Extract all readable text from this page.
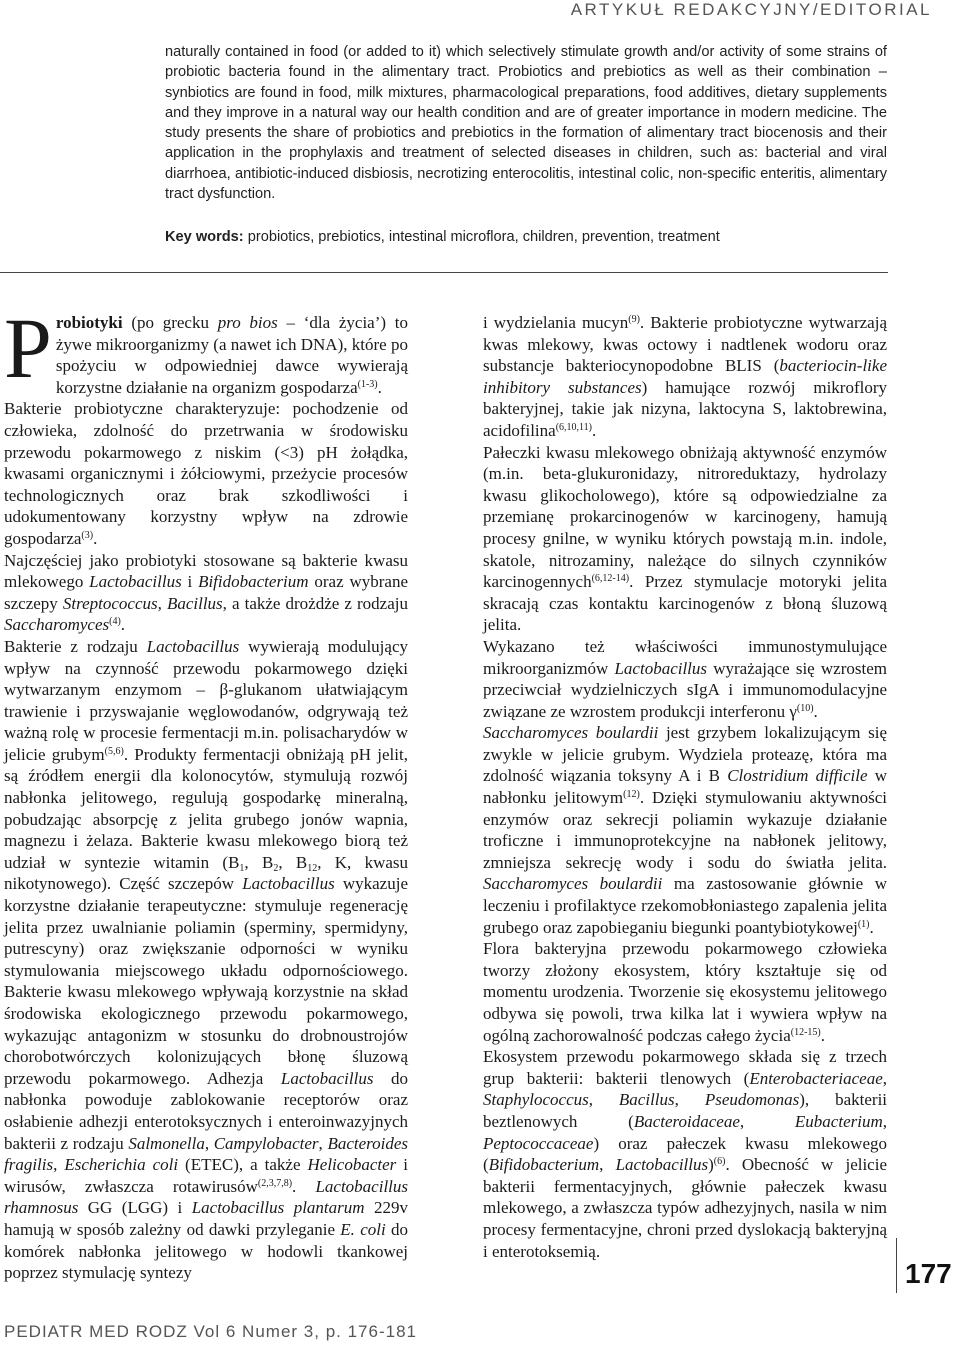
ARTYKUŁ REDAKCYJNY/EDITORIAL
naturally contained in food (or added to it) which selectively stimulate growth and/or activity of some strains of probiotic bacteria found in the alimentary tract. Probiotics and prebiotics as well as their combination – synbiotics are found in food, milk mixtures, pharmacological preparations, food additives, dietary supplements and they improve in a natural way our health condition and are of greater importance in modern medicine. The study presents the share of probiotics and prebiotics in the formation of alimentary tract biocenosis and their application in the prophylaxis and treatment of selected diseases in children, such as: bacterial and viral diarrhoea, antibiotic-induced disbiosis, necrotizing enterocolitis, intestinal colic, non-specific enteritis, alimentary tract dysfunction.
Key words: probiotics, prebiotics, intestinal microflora, children, prevention, treatment

Probiotyki (po grecku pro bios – ‘dla życia’) to żywe mikroorganizmy (a nawet ich DNA), które po spożyciu w odpowiedniej dawce wywierają korzystne działanie na organizm gospodarza$^{(1-3)}$.

Bakterie probiotyczne charakteryzuje: pochodzenie od człowieka, zdolność do przetrwania w środowisku przewodu pokarmowego z niskim (<3) pH żołądka, kwasami organicznymi i żółciowymi, przeżycie procesów technologicznych oraz brak szkodliwości i udokumentowany korzystny wpływ na zdrowie gospodarza$^{(3)}$.

Najczęściej jako probiotyki stosowane są bakterie kwasu mlekowego Lactobacillus i Bifidobacterium oraz wybrane szczepy Streptococcus, Bacillus, a także drożdże z rodzaju Saccharomyces$^{(4)}$.

Bakterie z rodzaju Lactobacillus wywierają modulujący wpływ na czynność przewodu pokarmowego dzięki wytwarzanym enzymom – β-glukanom ułatwiającym trawienie i przyswajanie węglowodanów, odgrywają też ważną rolę w procesie fermentacji m.in. polisacharydów w jelicie grubym$^{(5,6)}$. Produkty fermentacji obniżają pH jelit, są źródłem energii dla kolonocytów, stymulują rozwój nabłonka jelitowego, regulują gospodarkę mineralną, pobudzając absorpcję z jelita grubego jonów wapnia, magnezu i żelaza. Bakterie kwasu mlekowego biorą też udział w syntezie witamin ($B_1$, $B_2$, $B_{12}$, K, kwasu nikotynowego). Część szczepów Lactobacillus wykazuje korzystne działanie terapeutyczne: stymuluje regenerację jelita przez uwalnianie poliamin (sperminy, spermidyny, putrescyny) oraz zwiększanie odporności w wyniku stymulowania miejscowego układu odpornościowego. Bakterie kwasu mlekowego wpływają korzystnie na skład środowiska ekologicznego przewodu pokarmowego, wykazując antagonizm w stosunku do drobnoustrojów chorobotwórczych kolonizujących błonę śluzową przewodu pokarmowego. Adhezja Lactobacillus do nabłonka powoduje zablokowanie receptorów oraz osłabienie adhezji enterotoksycznych i enteroinwazyjnych bakterii z rodzaju Salmonella, Campylobacter, Bacteroides fragilis, Escherichia coli (ETEC), a także Helicobacter i wirusów, zwłaszcza rotawirusów$^{(2,3,7,8)}$. Lactobacillus rhamnosus GG (LGG) i Lactobacillus plantarum 229v hamują w sposób zależny od dawki przyleganie E. coli do komórek nabłonka jelitowego w hodowli tkankowej poprzez stymulację syntezy

i wydzielania mucyn$^{(9)}$. Bakterie probiotyczne wytwarzają kwas mlekowy, kwas octowy i nadtlenek wodoru oraz substancje bakteriocynopodobne BLIS (bacteriocin-like inhibitory substances) hamujące rozwój mikroflory bakteryjnej, takie jak nizyna, laktocyna S, laktobrewina, acidofilina$^{(6,10,11)}$.

Pałeczki kwasu mlekowego obniżają aktywność enzymów (m.in. beta-glukuronidazy, nitroreduktazy, hydrolazy kwasu glikocholowego), które są odpowiedzialne za przemianę prokarcinogenów w karcinogeny, hamują procesy gnilne, w wyniku których powstają m.in. indole, skatole, nitrozaminy, należące do silnych czynników karcinogennych$^{(6,12-14)}$. Przez stymulacje motoryki jelita skracają czas kontaktu karcinogenów z błoną śluzową jelita.

Wykazano też właściwości immunostymulujące mikroorganizmów Lactobacillus wyrażające się wzrostem przeciwciał wydzielniczych sIgA i immunomodulacyjne związane ze wzrostem produkcji interferonu $\gamma^{(10)}$.

Saccharomyces boulardii jest grzybem lokalizującym się zwykle w jelicie grubym. Wydziela proteazę, która ma zdolność wiązania toksyny A i B Clostridium difficile w nabłonku jelitowym$^{(12)}$. Dzięki stymulowaniu aktywności enzymów oraz sekrecji poliamin wykazuje działanie troficzne i immunoprotekcyjne na nabłonek jelitowy, zmniejsza sekrecję wody i sodu do światła jelita. Saccharomyces boulardii ma zastosowanie głównie w leczeniu i profilaktyce rzekomobłoniastego zapalenia jelita grubego oraz zapobieganiu biegunki poantybiotykowej$^{(1)}$.

Flora bakteryjna przewodu pokarmowego człowieka tworzy złożony ekosystem, który kształtuje się od momentu urodzenia. Tworzenie się ekosystemu jelitowego odbywa się powoli, trwa kilka lat i wywiera wpływ na ogólną zachorowalność podczas całego życia$^{(12-15)}$.

Ekosystem przewodu pokarmowego składa się z trzech grup bakterii: bakterii tlenowych (Enterobacteriaceae, Staphylococcus, Bacillus, Pseudomonas), bakterii beztlenowych (Bacteroidaceae, Eubacterium, Peptococcaceae) oraz pałeczek kwasu mlekowego (Bifidobacterium, Lactobacillus)$^{(6)}$. Obecność w jelicie bakterii fermentacyjnych, głównie pałeczek kwasu mlekowego, a zwłaszcza typów adhezyjnych, nasila w nim procesy fermentacyjne, chroni przed dyslokacją bakteryjną i enterotoksemią.

177
PEDIATR MED RODZ Vol 6 Numer 3, p. 176-181
